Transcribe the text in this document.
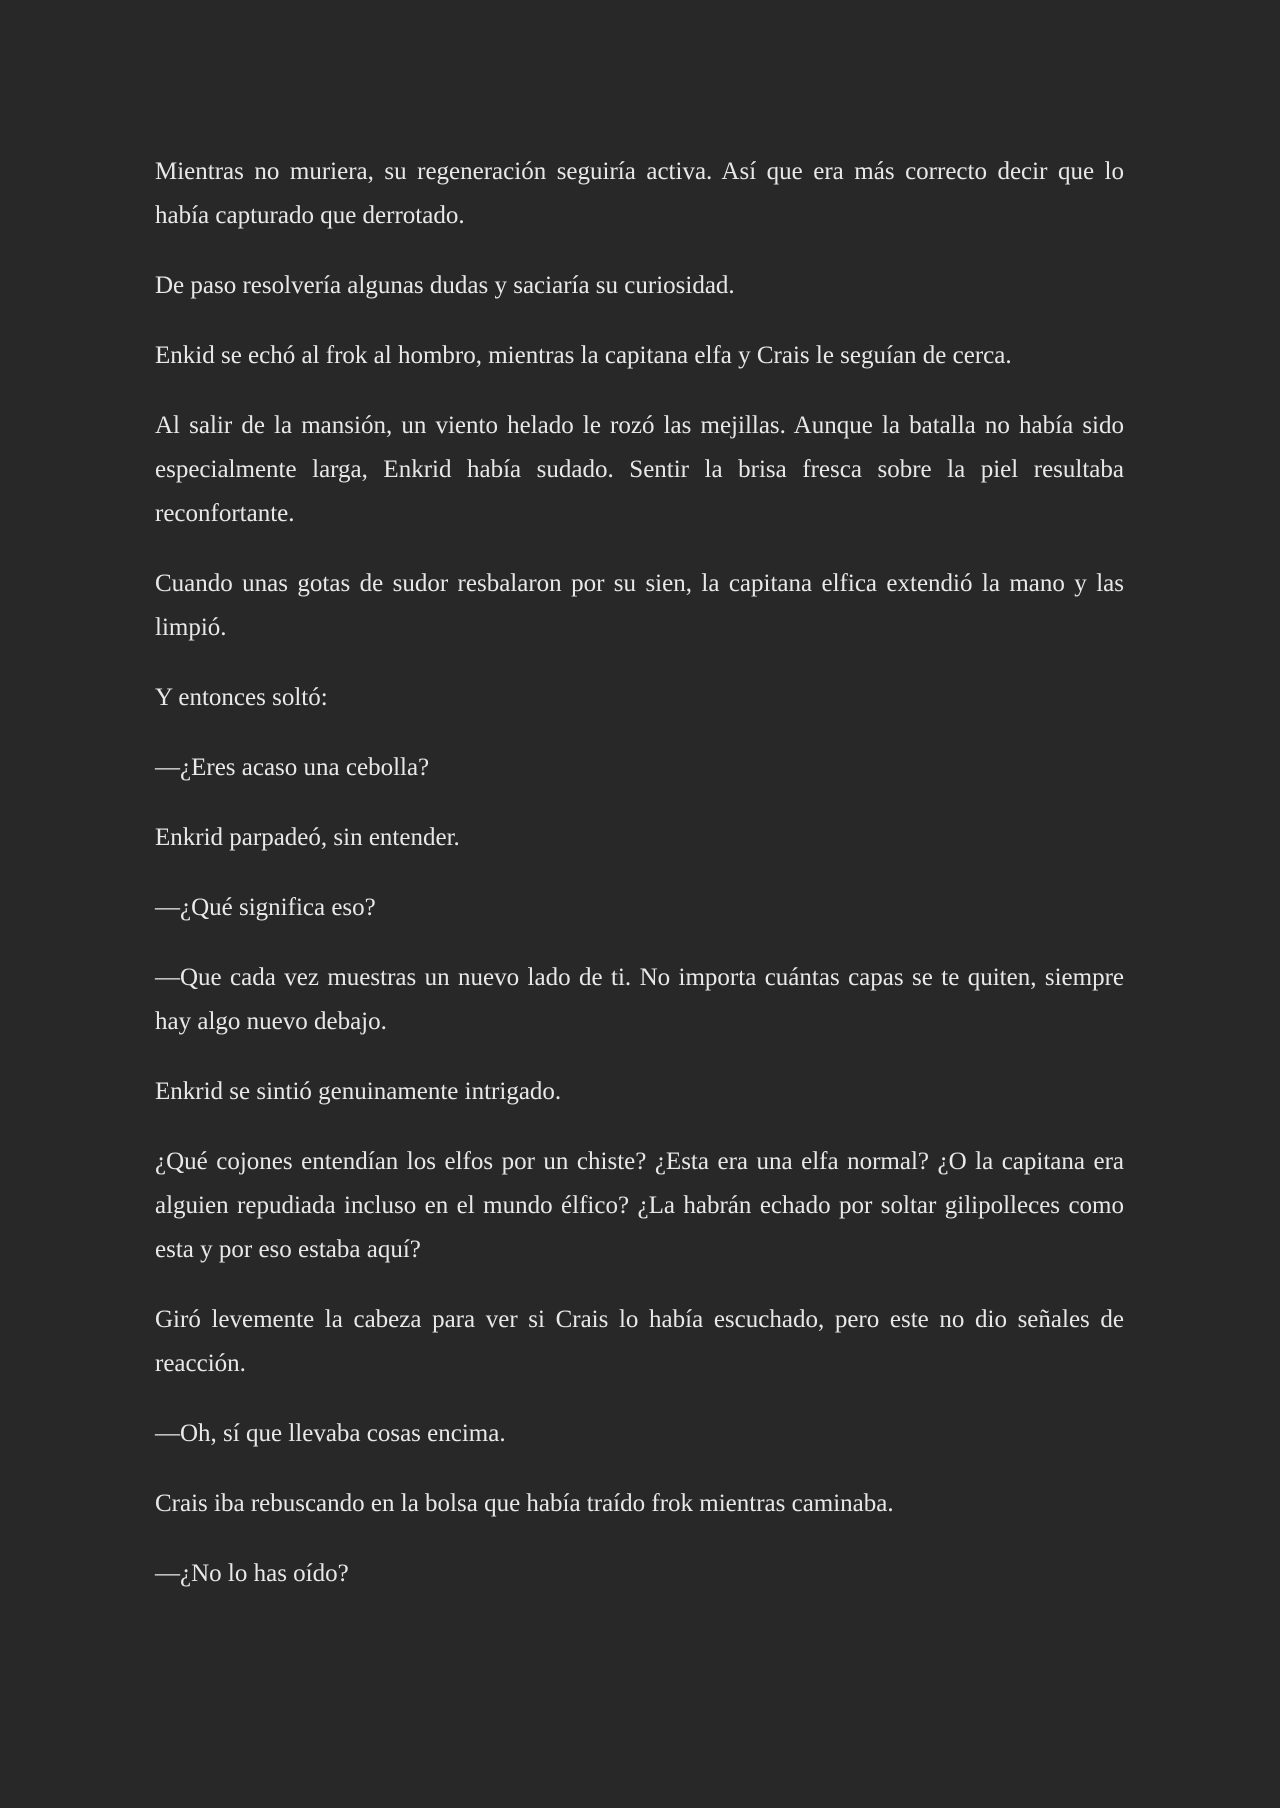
Mientras no muriera, su regeneración seguiría activa. Así que era más correcto decir que lo había capturado que derrotado.

De paso resolvería algunas dudas y saciaría su curiosidad.

Enkid se echó al frok al hombro, mientras la capitana elfa y Crais le seguían de cerca.

Al salir de la mansión, un viento helado le rozó las mejillas. Aunque la batalla no había sido especialmente larga, Enkrid había sudado. Sentir la brisa fresca sobre la piel resultaba reconfortante.

Cuando unas gotas de sudor resbalaron por su sien, la capitana elfica extendió la mano y las limpió.

Y entonces soltó:

—¿Eres acaso una cebolla?

Enkrid parpadeó, sin entender.

—¿Qué significa eso?

—Que cada vez muestras un nuevo lado de ti. No importa cuántas capas se te quiten, siempre hay algo nuevo debajo.

Enkrid se sintió genuinamente intrigado.

¿Qué cojones entendían los elfos por un chiste? ¿Esta era una elfa normal? ¿O la capitana era alguien repudiada incluso en el mundo élfico? ¿La habrán echado por soltar gilipolleces como esta y por eso estaba aquí?

Giró levemente la cabeza para ver si Crais lo había escuchado, pero este no dio señales de reacción.

—Oh, sí que llevaba cosas encima.

Crais iba rebuscando en la bolsa que había traído frok mientras caminaba.

—¿No lo has oído?
